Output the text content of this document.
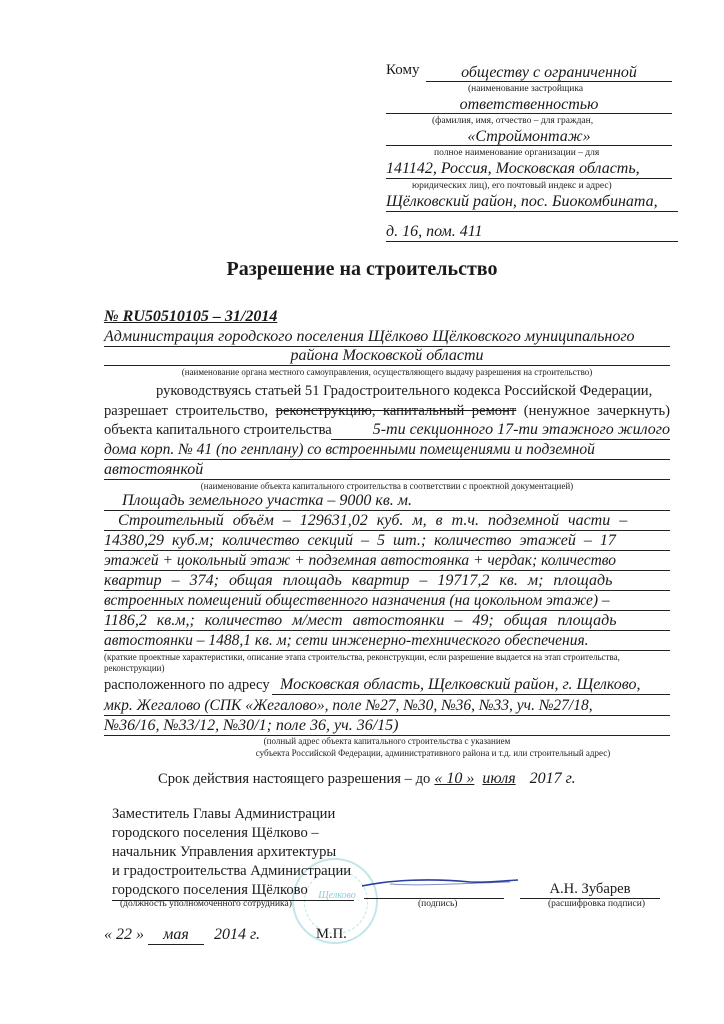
Кому	обществу с ограниченной
(наименование застройщика
ответственностью
(фамилия, имя, отчество – для граждан,
«Строймонтаж»
полное наименование организации – для
141142, Россия, Московская область,
юридических лиц), его почтовый индекс и адрес)
Щёлковский район, пос. Биокомбината,
д. 16, пом. 411
Разрешение на строительство
№ RU50510105 – 31/2014
Администрация городского поселения Щёлково Щёлковского муниципального
района Московской области
(наименование органа местного самоуправления, осуществляющего выдачу разрешения на строительство)
руководствуясь статьей 51 Градостроительного кодекса Российской Федерации,
разрешает строительство, реконструкцию, капитальный ремонт (ненужное зачеркнуть)
объекта капитального строительства	5-ти секционного 17-ти этажного жилого
дома корп. № 41 (по генплану) со встроенными помещениями и подземной
автостоянкой
(наименование объекта капитального строительства в соответствии с проектной документацией)
Площадь земельного участка – 9000 кв. м.
Строительный объём – 129631,02 куб. м, в т.ч. подземной части –
14380,29 куб.м; количество секций – 5 шт.; количество этажей – 17
этажей + цокольный этаж + подземная автостоянка + чердак; количество
квартир – 374; общая площадь квартир – 19717,2 кв. м; площадь
встроенных помещений общественного назначения (на цокольном этаже) –
1186,2 кв.м,; количество м/мест автостоянки – 49; общая площадь
автостоянки – 1488,1 кв. м; сети инженерно-технического обеспечения.
(краткие проектные характеристики, описание этапа строительства, реконструкции, если разрешение выдается на этап строительства, реконструкции)
расположенного по адресу Московская область, Щелковский район, г. Щелково,
мкр. Жегалово (СПК «Жегалово», поле №27, №30, №36, №33, уч. №27/18,
№36/16, №33/12, №30/1; поле 36, уч. 36/15)
(полный адрес объекта капитального строительства с указанием
субъекта Российской Федерации, административного района и т.д. или строительный адрес)
Срок действия настоящего разрешения – до « 10 » июля 2017 г.
Щелково
Заместитель Главы Администрации
городского поселения Щёлково –
начальник Управления архитектуры
и градостроительства Администрации
городского поселения Щёлково
(должность уполномоченного сотрудника)	(подпись)
А.Н. Зубарев
(расшифровка подписи)
« 22 » мая 2014 г.	М.П.
